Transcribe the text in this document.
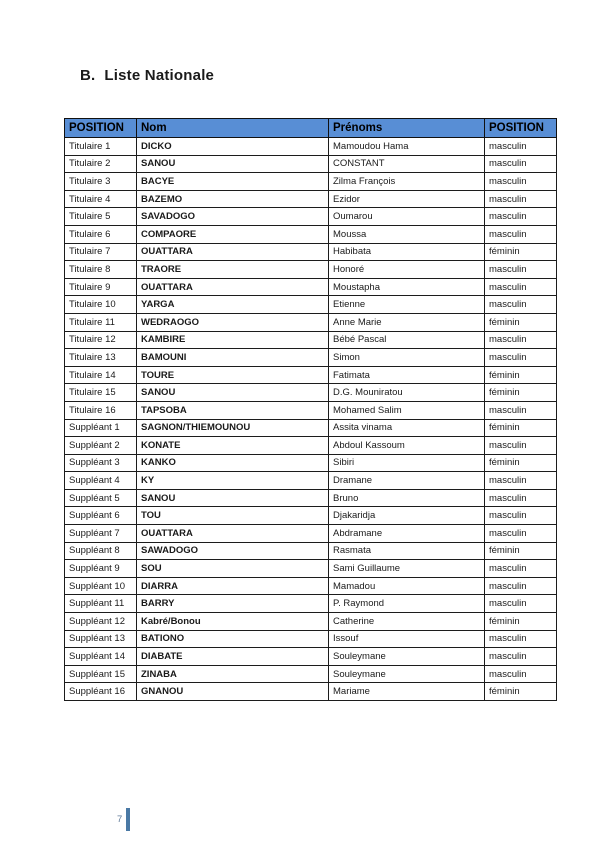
B. Liste Nationale
POSITION	Nom	Prénoms	POSITION
Titulaire 1	DICKO	Mamoudou Hama	masculin
Titulaire 2	SANOU	CONSTANT	masculin
Titulaire 3	BACYE	Zilma François	masculin
Titulaire 4	BAZEMO	Ezidor	masculin
Titulaire 5	SAVADOGO	Oumarou	masculin
Titulaire 6	COMPAORE	Moussa	masculin
Titulaire 7	OUATTARA	Habibata	féminin
Titulaire 8	TRAORE	Honoré	masculin
Titulaire 9	OUATTARA	Moustapha	masculin
Titulaire 10	YARGA	Etienne	masculin
Titulaire 11	WEDRAOGO	Anne Marie	féminin
Titulaire 12	KAMBIRE	Bébé Pascal	masculin
Titulaire 13	BAMOUNI	Simon	masculin
Titulaire 14	TOURE	Fatimata	féminin
Titulaire 15	SANOU	D.G. Mouniratou	féminin
Titulaire 16	TAPSOBA	Mohamed Salim	masculin
Suppléant 1	SAGNON/THIEMOUNOU	Assita vinama	féminin
Suppléant 2	KONATE	Abdoul Kassoum	masculin
Suppléant 3	KANKO	Sibiri	féminin
Suppléant 4	KY	Dramane	masculin
Suppléant 5	SANOU	Bruno	masculin
Suppléant 6	TOU	Djakaridja	masculin
Suppléant 7	OUATTARA	Abdramane	masculin
Suppléant 8	SAWADOGO	Rasmata	féminin
Suppléant 9	SOU	Sami Guillaume	masculin
Suppléant 10	DIARRA	Mamadou	masculin
Suppléant 11	BARRY	P. Raymond	masculin
Suppléant 12	Kabré/Bonou	Catherine	féminin
Suppléant 13	BATIONO	Issouf	masculin
Suppléant 14	DIABATE	Souleymane	masculin
Suppléant 15	ZINABA	Souleymane	masculin
Suppléant 16	GNANOU	Mariame	féminin
7
